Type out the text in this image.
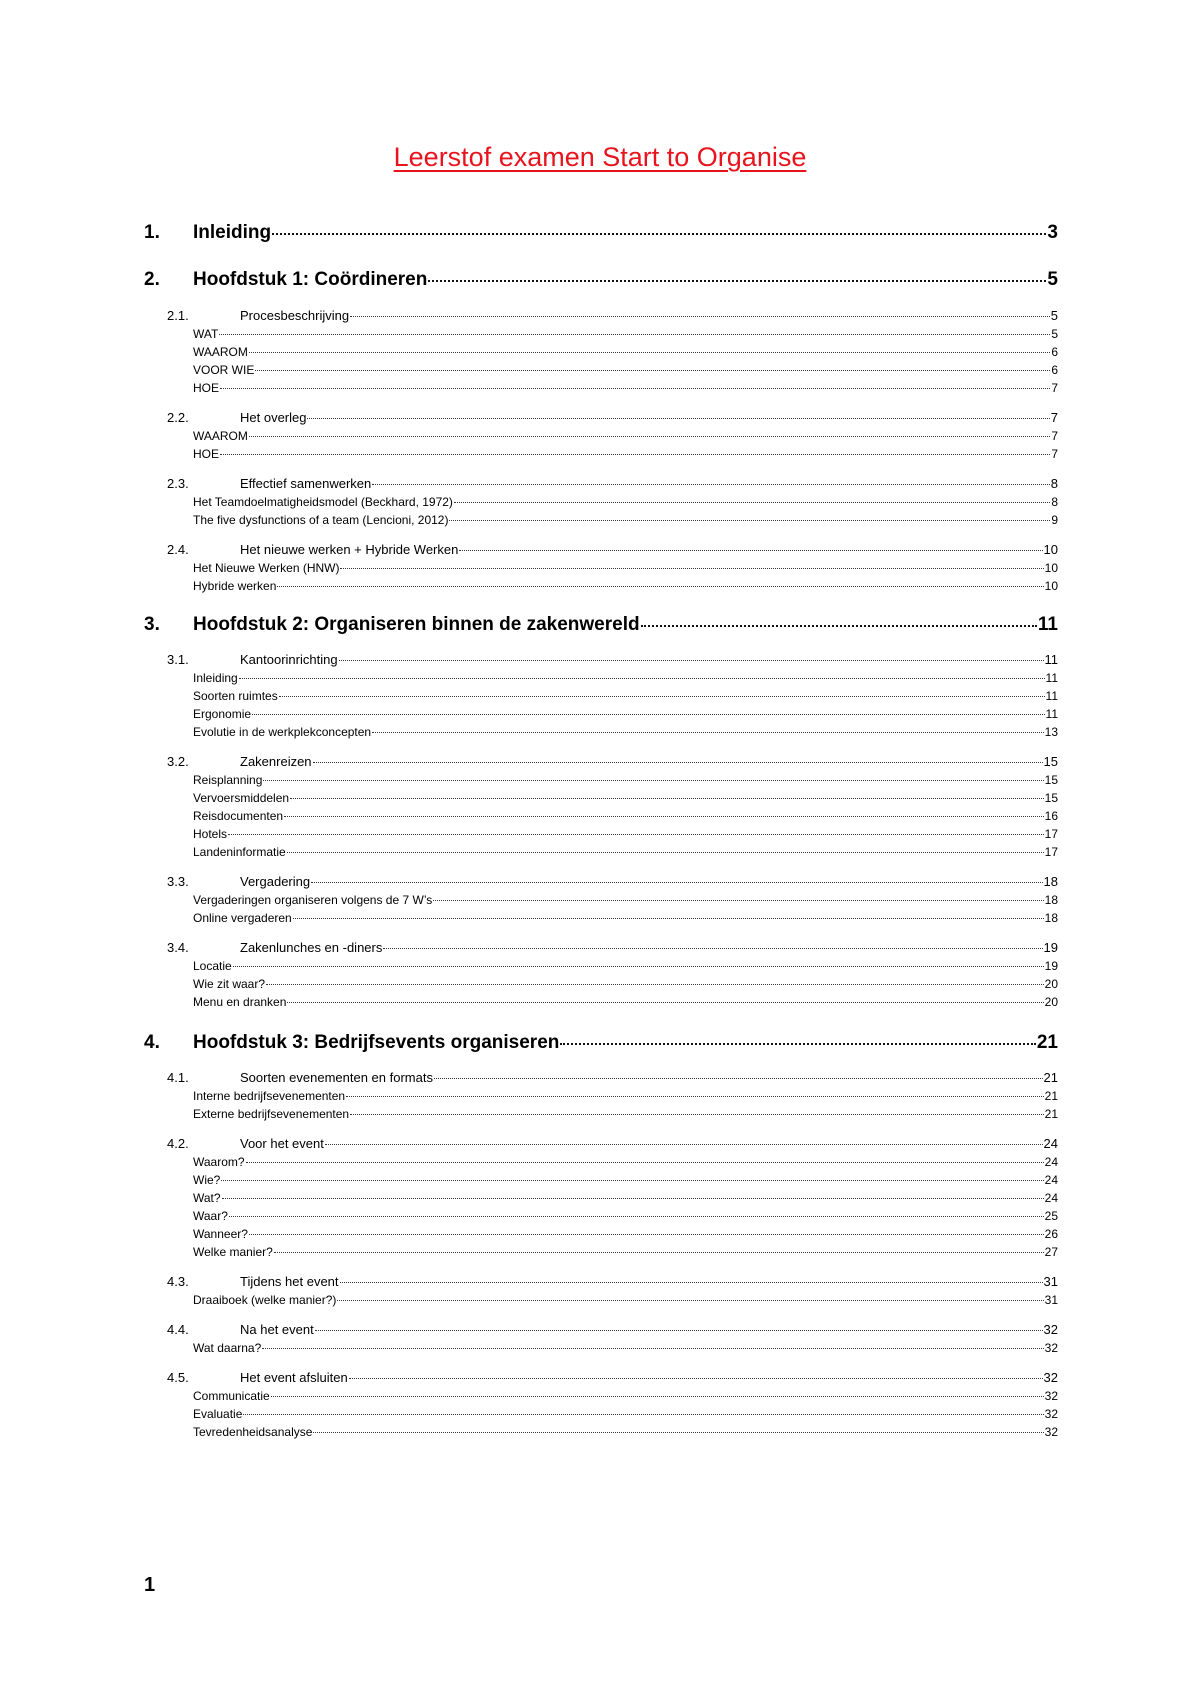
Leerstof examen Start to Organise
1.	Inleiding	3
2.	Hoofdstuk 1: Coördineren	5
2.1.	Procesbeschrijving	5
WAT	5
WAAROM	6
VOOR WIE	6
HOE	7
2.2.	Het overleg	7
WAAROM	7
HOE	7
2.3.	Effectief samenwerken	8
Het Teamdoelmatigheidsmodel (Beckhard, 1972)	8
The five dysfunctions of a team (Lencioni, 2012)	9
2.4.	Het nieuwe werken + Hybride Werken	10
Het Nieuwe Werken (HNW)	10
Hybride werken	10
3.	Hoofdstuk 2: Organiseren binnen de zakenwereld	11
3.1.	Kantoorinrichting	11
Inleiding	11
Soorten ruimtes	11
Ergonomie	11
Evolutie in de werkplekconcepten	13
3.2.	Zakenreizen	15
Reisplanning	15
Vervoersmiddelen	15
Reisdocumenten	16
Hotels	17
Landeninformatie	17
3.3.	Vergadering	18
Vergaderingen organiseren volgens de 7 W’s	18
Online vergaderen	18
3.4.	Zakenlunches en -diners	19
Locatie	19
Wie zit waar?	20
Menu en dranken	20
4.	Hoofdstuk 3: Bedrijfsevents organiseren	21
4.1.	Soorten evenementen en formats	21
Interne bedrijfsevenementen	21
Externe bedrijfsevenementen	21
4.2.	Voor het event	24
Waarom?	24
Wie?	24
Wat?	24
Waar?	25
Wanneer?	26
Welke manier?	27
4.3.	Tijdens het event	31
Draaiboek (welke manier?)	31
4.4.	Na het event	32
Wat daarna?	32
4.5.	Het event afsluiten	32
Communicatie	32
Evaluatie	32
Tevredenheidsanalyse	32
1
